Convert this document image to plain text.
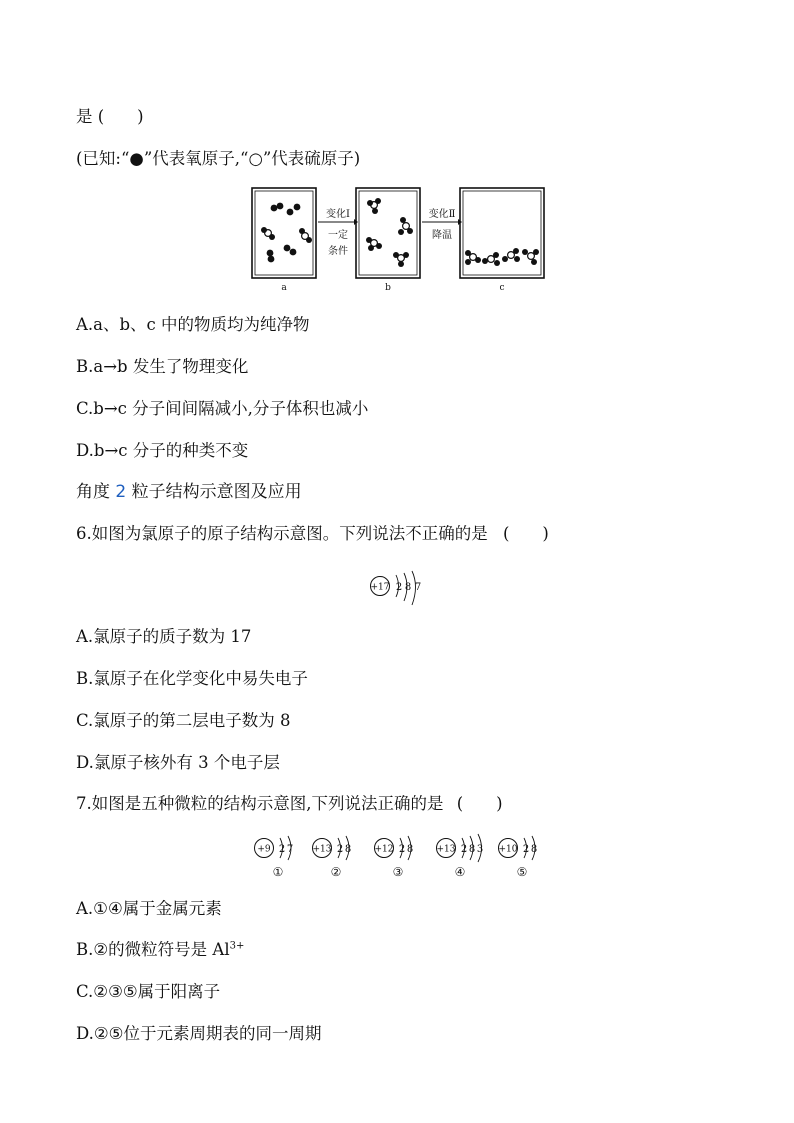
是 (　　)
(已知:“●”代表氧原子,“○”代表硫原子)
a
变化Ⅰ
一定
条件
b
变化Ⅱ
降温
c
A.a、b、c 中的物质均为纯净物
B.a→b 发生了物理变化
C.b→c 分子间间隔减小,分子体积也减小
D.b→c 分子的种类不变
角度 2 粒子结构示意图及应用
6.如图为氯原子的原子结构示意图。下列说法不正确的是 (　　)
+17 2 8 7
A.氯原子的质子数为 17
B.氯原子在化学变化中易失电子
C.氯原子的第二层电子数为 8
D.氯原子核外有 3 个电子层
7.如图是五种微粒的结构示意图,下列说法正确的是 (　　)
+9 2 7
①
+13 2 8
②
+12 2 8
③
+13 2 8 3
④
+10 2 8
⑤
A.①④属于金属元素
B.②的微粒符号是 $Al^{3+}$
C.②③⑤属于阳离子
D.②⑤位于元素周期表的同一周期
